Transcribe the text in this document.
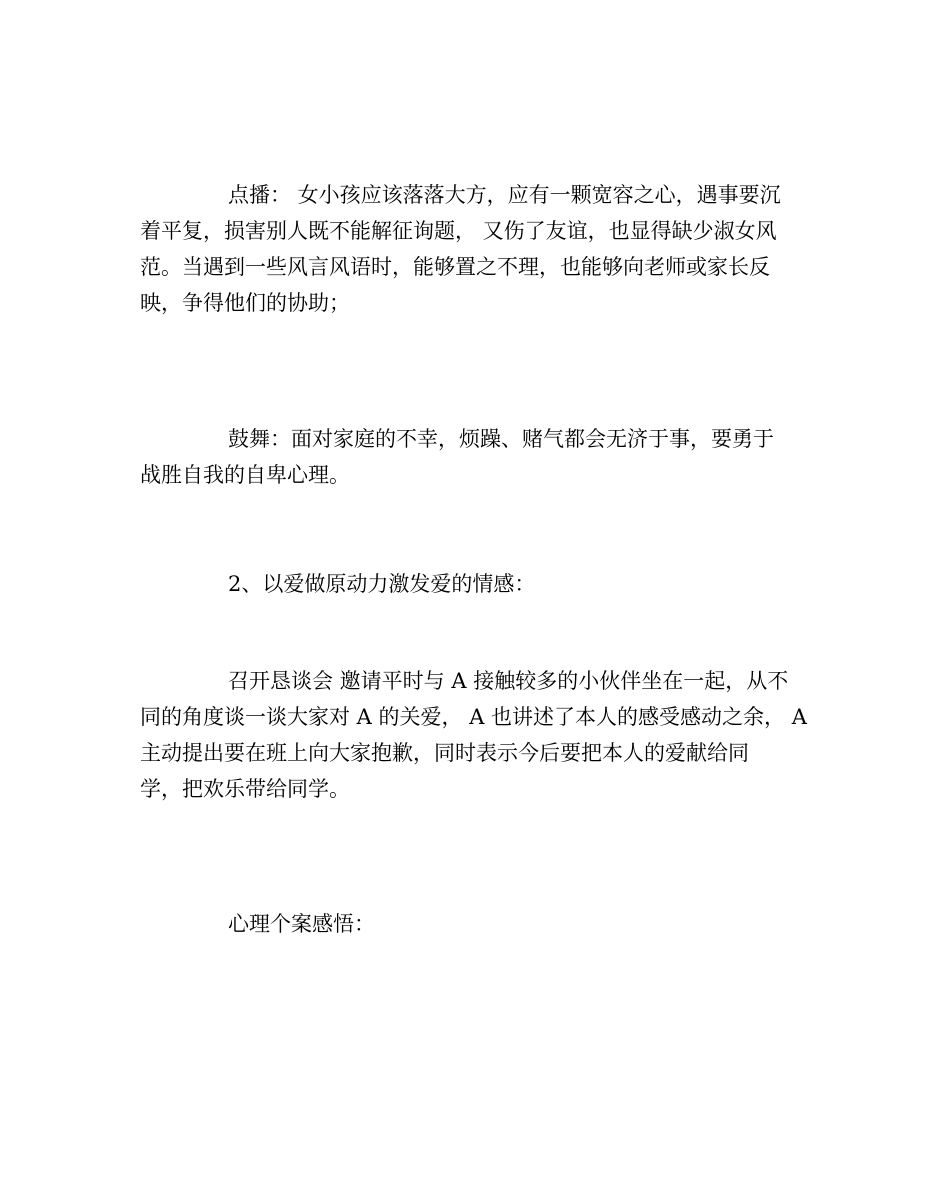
点播： 女小孩应该落落大方，应有一颗宽容之心，遇事要沉
着平复，损害别人既不能解征询题， 又伤了友谊，也显得缺少淑女风
范。当遇到一些风言风语时，能够置之不理，也能够向老师或家长反
映，争得他们的协助；
鼓舞：面对家庭的不幸，烦躁、赌气都会无济于事，要勇于
战胜自我的自卑心理。
2、以爱做原动力激发爱的情感：
召开恳谈会 邀请平时与 A 接触较多的小伙伴坐在一起，从不
同的角度谈一谈大家对 A 的关爱， A 也讲述了本人的感受感动之余， A
主动提出要在班上向大家抱歉，同时表示今后要把本人的爱献给同
学，把欢乐带给同学。
心理个案感悟：
